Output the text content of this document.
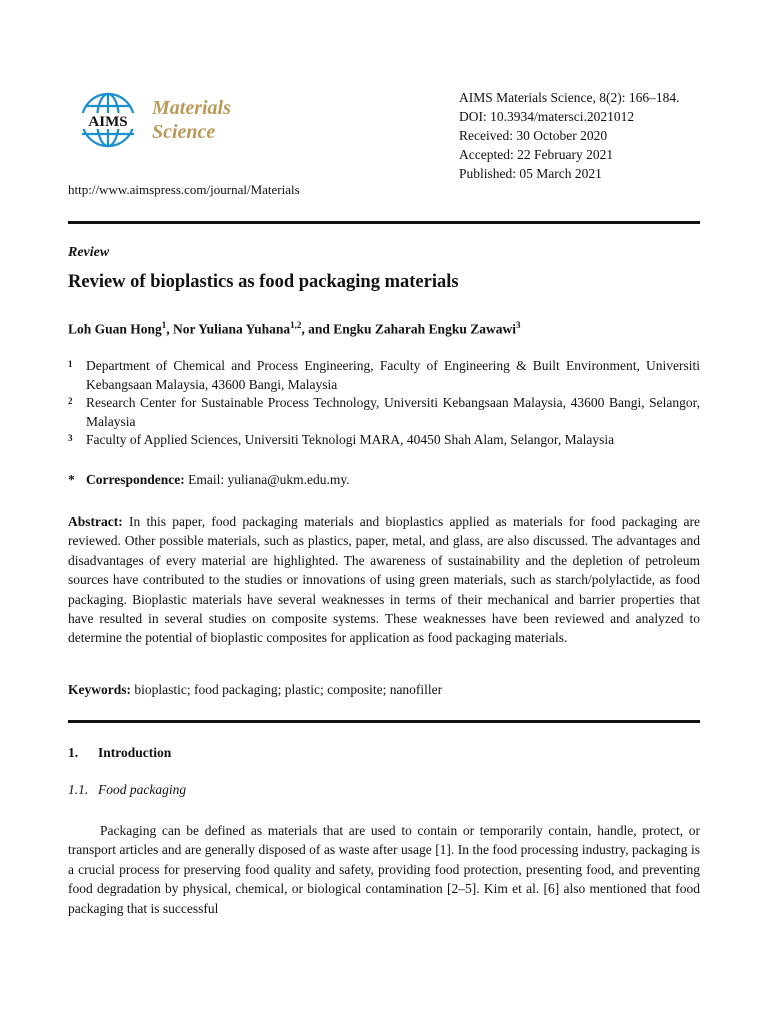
AIMS
Materials
Science
AIMS Materials Science, 8(2): 166–184.
DOI: 10.3934/matersci.2021012
Received: 30 October 2020
Accepted: 22 February 2021
Published: 05 March 2021
http://www.aimspress.com/journal/Materials
Review
Review of bioplastics as food packaging materials
Loh Guan Hong$^1$, Nor Yuliana Yuhana$^{1,2}$, and Engku Zaharah Engku Zawawi$^3$
1	Department of Chemical and Process Engineering, Faculty of Engineering & Built Environment, Universiti Kebangsaan Malaysia, 43600 Bangi, Malaysia
2	Research Center for Sustainable Process Technology, Universiti Kebangsaan Malaysia, 43600 Bangi, Selangor, Malaysia
3	Faculty of Applied Sciences, Universiti Teknologi MARA, 40450 Shah Alam, Selangor, Malaysia
* Correspondence: Email: yuliana@ukm.edu.my.

Abstract: In this paper, food packaging materials and bioplastics applied as materials for food packaging are reviewed. Other possible materials, such as plastics, paper, metal, and glass, are also discussed. The advantages and disadvantages of every material are highlighted. The awareness of sustainability and the depletion of petroleum sources have contributed to the studies or innovations of using green materials, such as starch/polylactide, as food packaging. Bioplastic materials have several weaknesses in terms of their mechanical and barrier properties that have resulted in several studies on composite systems. These weaknesses have been reviewed and analyzed to determine the potential of bioplastic composites for application as food packaging materials.

Keywords: bioplastic; food packaging; plastic; composite; nanofiller
1. Introduction
1.1. Food packaging

Packaging can be defined as materials that are used to contain or temporarily contain, handle, protect, or transport articles and are generally disposed of as waste after usage [1]. In the food processing industry, packaging is a crucial process for preserving food quality and safety, providing food protection, presenting food, and preventing food degradation by physical, chemical, or biological contamination [2–5]. Kim et al. [6] also mentioned that food packaging that is successful
